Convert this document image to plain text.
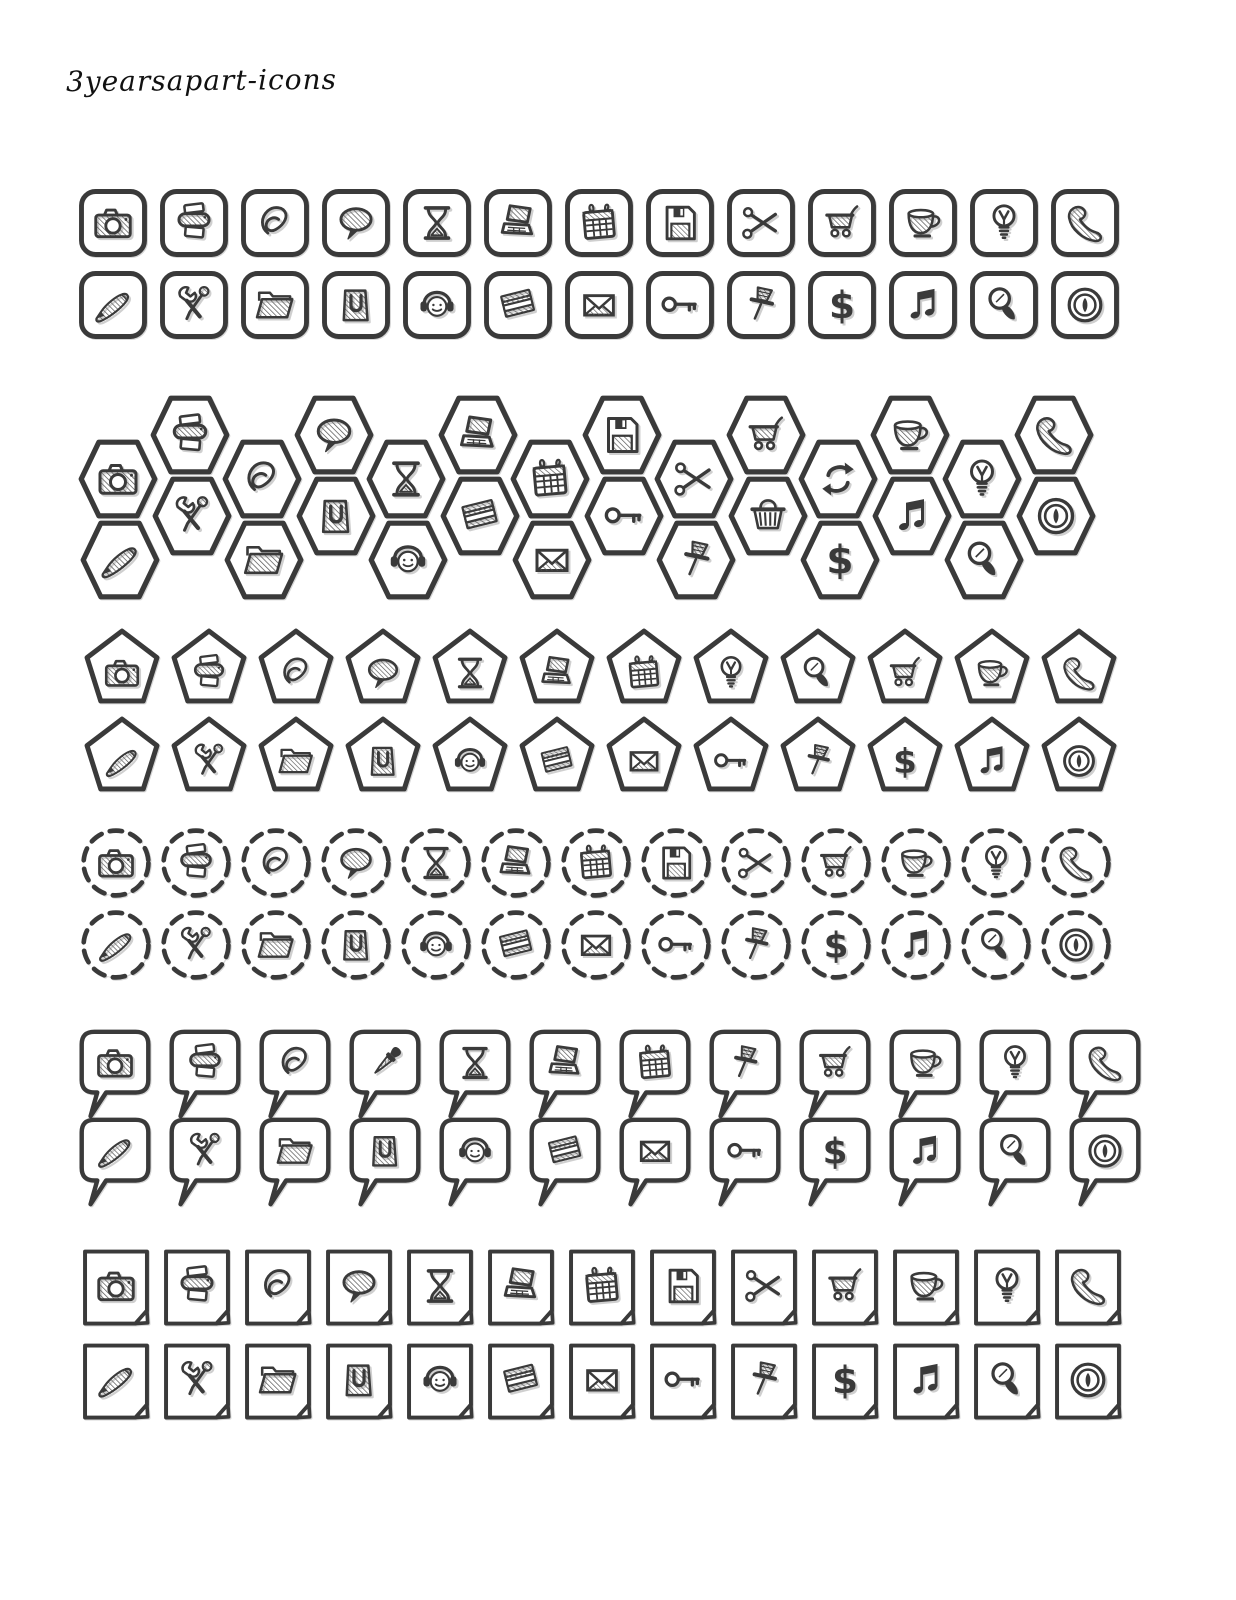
3yearsapart-icons
